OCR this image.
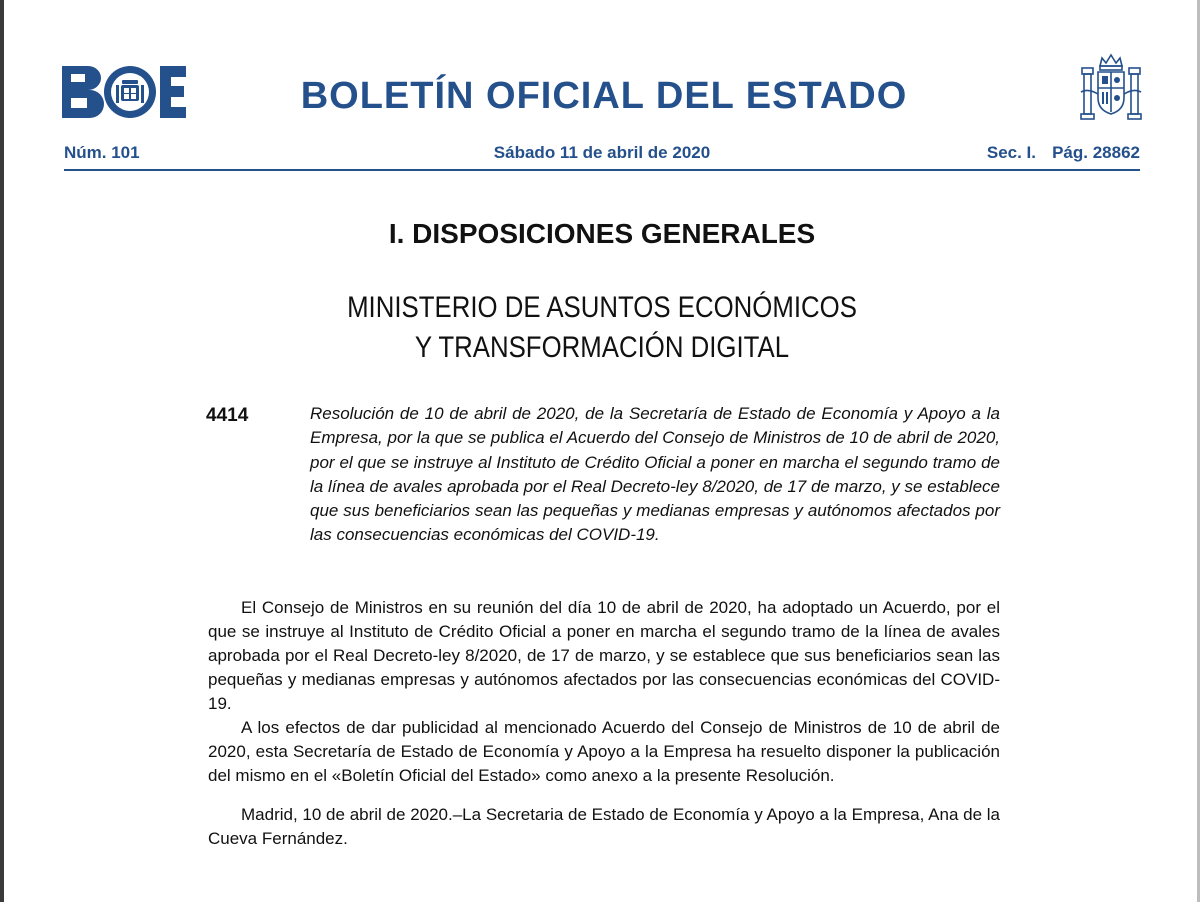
BOLETÍN OFICIAL DEL ESTADO
Núm. 101	Sábado 11 de abril de 2020	Sec. I. Pág. 28862
I. DISPOSICIONES GENERALES
MINISTERIO DE ASUNTOS ECONÓMICOS
Y TRANSFORMACIÓN DIGITAL
4414	Resolución de 10 de abril de 2020, de la Secretaría de Estado de Economía y Apoyo a la Empresa, por la que se publica el Acuerdo del Consejo de Ministros de 10 de abril de 2020, por el que se instruye al Instituto de Crédito Oficial a poner en marcha el segundo tramo de la línea de avales aprobada por el Real Decreto-ley 8/2020, de 17 de marzo, y se establece que sus beneficiarios sean las pequeñas y medianas empresas y autónomos afectados por las consecuencias económicas del COVID-19.

El Consejo de Ministros en su reunión del día 10 de abril de 2020, ha adoptado un Acuerdo, por el que se instruye al Instituto de Crédito Oficial a poner en marcha el segundo tramo de la línea de avales aprobada por el Real Decreto-ley 8/2020, de 17 de marzo, y se establece que sus beneficiarios sean las pequeñas y medianas empresas y autónomos afectados por las consecuencias económicas del COVID-19.

A los efectos de dar publicidad al mencionado Acuerdo del Consejo de Ministros de 10 de abril de 2020, esta Secretaría de Estado de Economía y Apoyo a la Empresa ha resuelto disponer la publicación del mismo en el «Boletín Oficial del Estado» como anexo a la presente Resolución.

Madrid, 10 de abril de 2020.–La Secretaria de Estado de Economía y Apoyo a la Empresa, Ana de la Cueva Fernández.
